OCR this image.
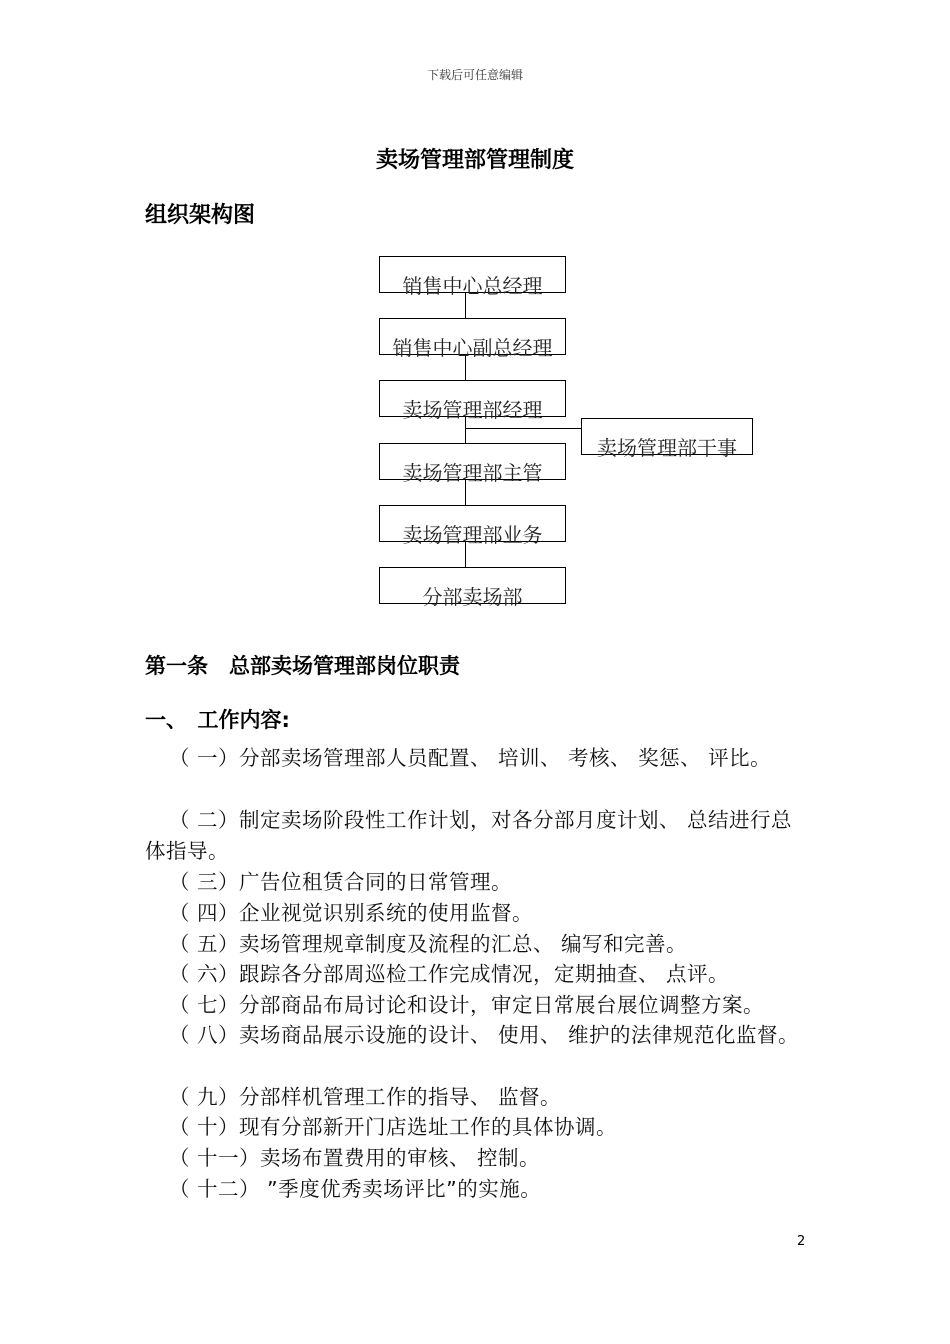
下载后可任意编辑
卖场管理部管理制度
组织架构图
销售中心总经理
销售中心副总经理
卖场管理部经理
卖场管理部主管
卖场管理部业务
分部卖场部
卖场管理部干事
第一条　总部卖场管理部岗位职责
一、　工作内容:
（ 一）分部卖场管理部人员配置、 培训、 考核、 奖惩、 评比。
（ 二）制定卖场阶段性工作计划，对各分部月度计划、 总结进行总体指导。
（ 三）广告位租赁合同的日常管理。
（ 四）企业视觉识别系统的使用监督。
（ 五）卖场管理规章制度及流程的汇总、 编写和完善。
（ 六）跟踪各分部周巡检工作完成情况，定期抽查、 点评。
（ 七）分部商品布局讨论和设计，审定日常展台展位调整方案。
（ 八）卖场商品展示设施的设计、 使用、 维护的法律规范化监督。
（ 九）分部样机管理工作的指导、 监督。
（ 十）现有分部新开门店选址工作的具体协调。
（ 十一）卖场布置费用的审核、 控制。
（ 十二） ”季度优秀卖场评比”的实施。
2
